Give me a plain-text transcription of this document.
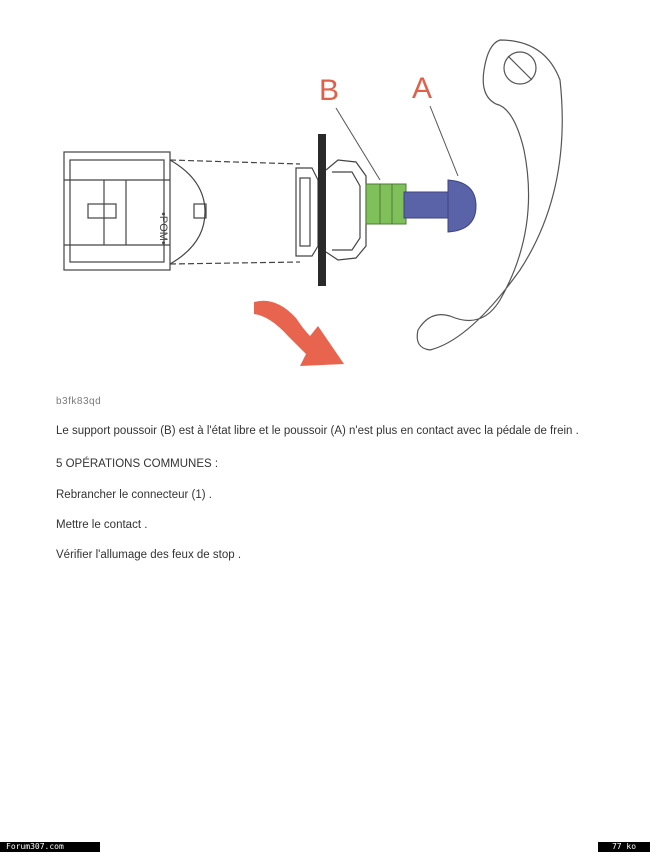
•POM•
B A
b3fk83qd
Le support poussoir (B) est à l'état libre et le poussoir (A) n'est plus en contact avec la pédale de frein .
5 OPÉRATIONS COMMUNES :
Rebrancher le connecteur (1) .
Mettre le contact .
Vérifier l'allumage des feux de stop .
Forum307.com	77 ko
